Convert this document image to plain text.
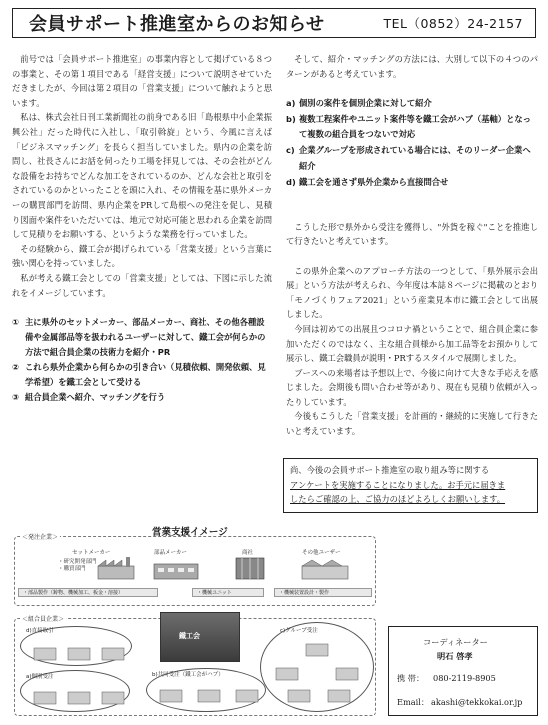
会員サポート推進室からのお知らせ	TEL（0852）24-2157

前号では「会員サポート推進室」の事業内容として掲げている８つの事業と、その第１項目である「経営支援」について説明させていただきましたが、今回は第２項目の「営業支援」について触れようと思います。

私は、株式会社日刊工業新聞社の前身である旧「島根県中小企業振興公社」だった時代に入社し、「取引斡旋」という、今風に言えば「ビジネスマッチング」を長らく担当していました。県内の企業を訪問し、社長さんにお話を伺ったり工場を拝見しては、その会社がどんな設備をお持ちでどんな加工をされているのか、どんな会社と取引をされているのかといったことを頭に入れ、その情報を基に県外メーカーの購買部門を訪問、県内企業をPRして島根への発注を促し、見積り図面や案件をいただいては、地元で対応可能と思われる企業を訪問して見積りをお願いする、というような業務を行っていました。

その経験から、鐵工会が掲げられている「営業支援」という言葉に強い関心を持っていました。

私が考える鐵工会としての「営業支援」としては、下図に示した流れをイメージしています。

① 主に県外のセットメーカー、部品メーカー、商社、その他各種設備や金属部品等を扱われるユーザーに対して、鐵工会が何らかの方法で組合員企業の技術力を紹介・PR
② これら県外企業から何らかの引き合い（見積依頼、開発依頼、見学希望）を鐵工会として受ける
③ 組合員企業へ紹介、マッチングを行う

そして、紹介・マッチングの方法には、大別して以下の４つのパターンがあると考えています。

a) 個別の案件を個別企業に対して紹介
b) 複数工程案件やユニット案件等を鐵工会がハブ（基軸）となって複数の組合員をつないで対応
c) 企業グループを形成されている場合には、そのリーダー企業へ紹介
d) 鐵工会を通さず県外企業から直接問合せ

こうした形で県外から受注を獲得し、"外貨を稼ぐ"ことを推進して行きたいと考えています。

この県外企業へのアプローチ方法の一つとして、「県外展示会出展」という方法が考えられ、今年度は本誌８ページに掲載のとおり「モノづくりフェア2021」という産業見本市に鐵工会として出展しました。

今回は初めての出展且つコロナ禍ということで、組合員企業に参加いただくのではなく、主な組合員様から加工品等をお預かりして展示し、鐵工会職員が説明・PRするスタイルで展開しました。

ブースへの来場者は予想以上で、今後に向けて大きな手応えを感じました。会期後も問い合わせ等があり、現在も見積り依頼が入ったりしています。

今後もこうした「営業支援」を計画的・継続的に実施して行きたいと考えています。

尚、今後の会員サポート推進室の取り組み等に関する
アンケートを実施することになりました。お手元に届きま
したらご確認の上、ご協力のほどよろしくお願いします。
営業支援イメージ
＜発注企業＞
セットメーカー
・研究開発部門
・購買部門
部品メーカー	商社	その他ユーザー
・部品製作（鋳物、機械加工、板金・溶接）	・機械ユニット	・機械装置設計・製作
＜組合員企業＞
鐵工会
d)直接取引
a)個別受注	b)共同受注（鐵工会がハブ）
c)グループ受注
コーディネーター
明石 啓孝
携 帯： 080-2119-8905
Email： akashi@tekkokai.or.jp
